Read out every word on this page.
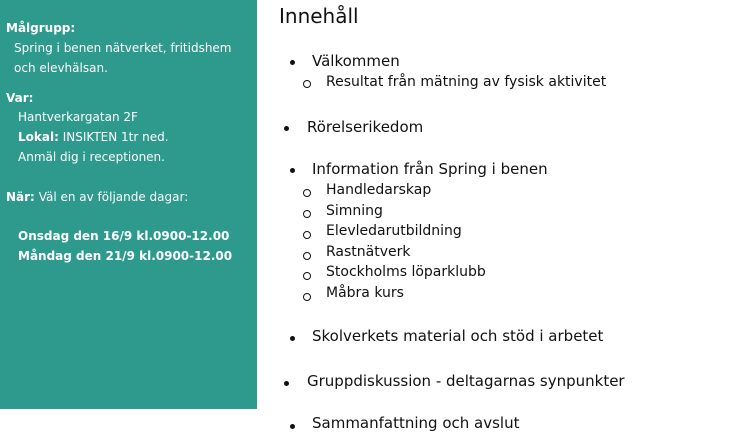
Målgrupp:
Spring i benen nätverket, fritidshem
och elevhälsan.
Var:
Hantverkargatan 2F
Lokal: INSIKTEN 1tr ned.
Anmäl dig i receptionen.
När: Väl en av följande dagar:
Onsdag den 16/9 kl.0900-12.00
Måndag den 21/9 kl.0900-12.00
Innehåll
Välkommen
Resultat från mätning av fysisk aktivitet
Rörelserikedom
Information från Spring i benen
Handledarskap
Simning
Elevledarutbildning
Rastnätverk
Stockholms löparklubb
Måbra kurs
Skolverkets material och stöd i arbetet
Gruppdiskussion - deltagarnas synpunkter
Sammanfattning och avslut
